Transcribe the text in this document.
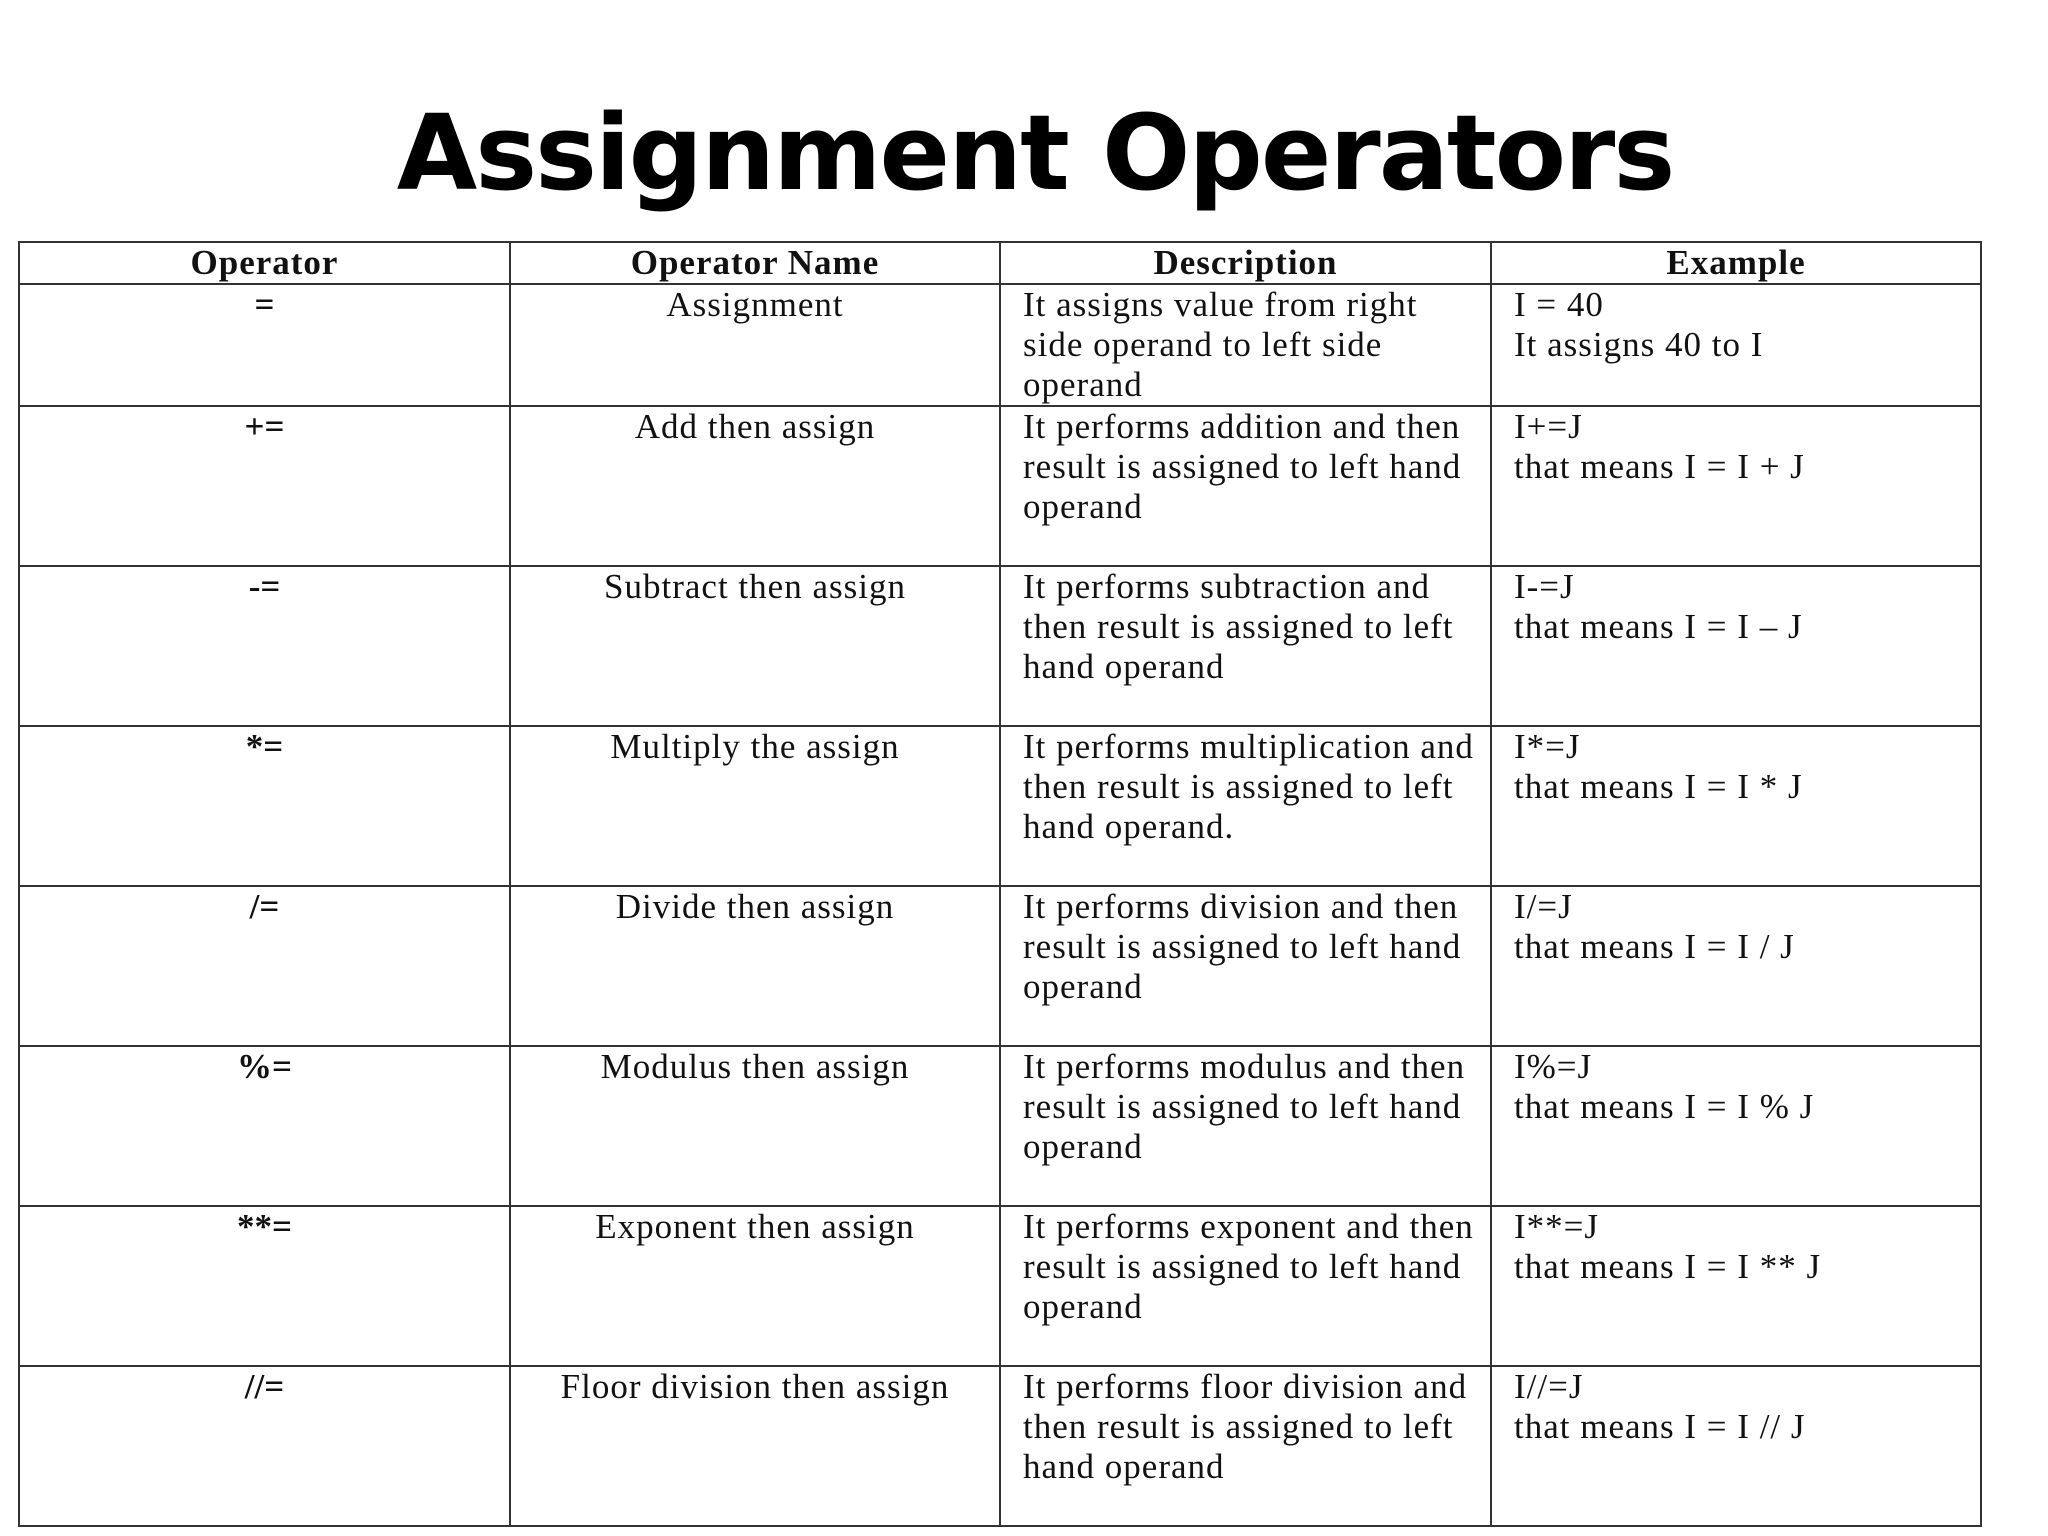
Assignment Operators
Operator	Operator Name	Description	Example
=	Assignment	It assigns value from right side operand to left side operand	I = 40
It assigns 40 to I

+=	Add then assign	It performs addition and then result is assigned to left hand operand	I+=J
that means I = I + J

-=	Subtract then assign	It performs subtraction and then result is assigned to left hand operand	I-=J
that means I = I – J

*=	Multiply the assign	It performs multiplication and then result is assigned to left hand operand.	I*=J
that means I = I * J

/=	Divide then assign	It performs division and then result is assigned to left hand operand	I/=J
that means I = I / J

%=	Modulus then assign	It performs modulus and then result is assigned to left hand operand	I%=J
that means I = I % J

**=	Exponent then assign	It performs exponent and then result is assigned to left hand operand	I**=J
that means I = I ** J

//=	Floor division then assign	It performs floor division and then result is assigned to left hand operand	I//=J
that means I = I // J
